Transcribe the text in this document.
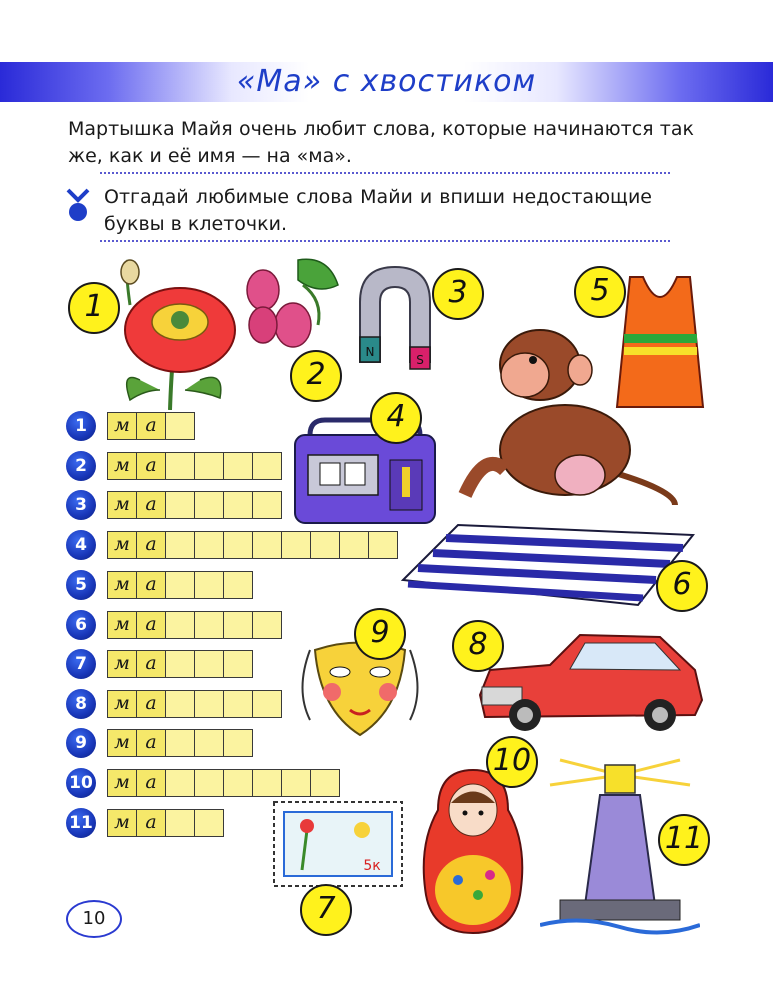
«Ма» с хвостиком
Мартышка Майя очень любит слова, которые начинаются так же, как и её имя — на «ма».
Отгадай любимые слова Майи и впиши недостающие буквы в клеточки.
1	м а
2	м а
3	м а
4	м а
5	м а
6	м а
7	м а
8	м а
9	м а
10	м а
11	м а
1
2
N
S
3	5
4
6
9	8
10
11
5к
7
10
